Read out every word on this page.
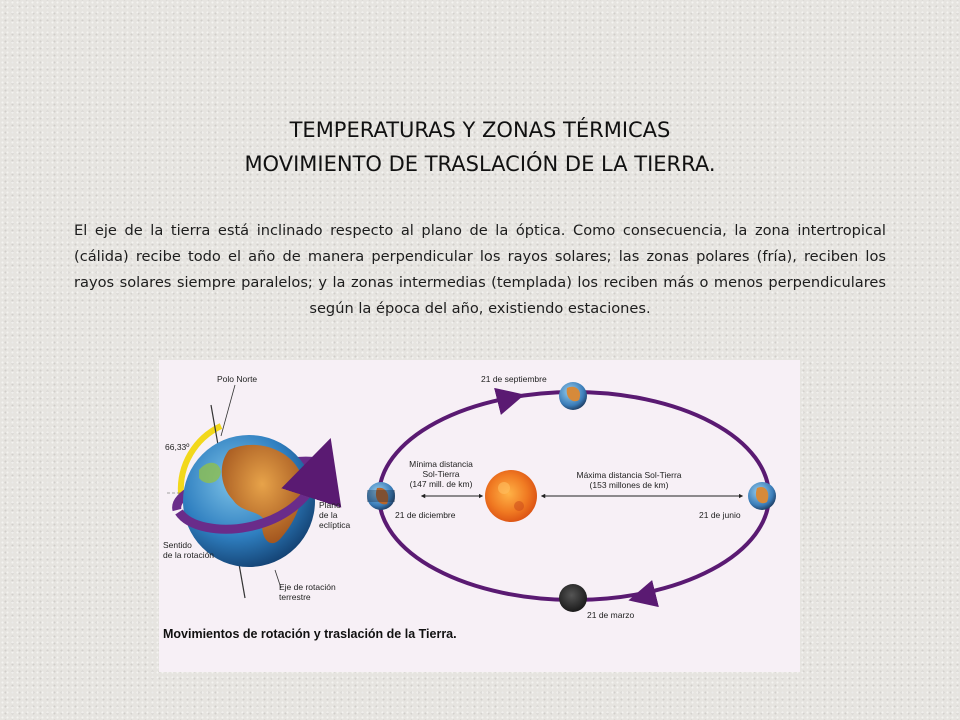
TEMPERATURAS Y ZONAS TÉRMICAS
MOVIMIENTO DE TRASLACIÓN DE LA TIERRA.
El eje de la tierra está inclinado respecto al plano de la óptica. Como consecuencia, la zona intertropical (cálida) recibe todo el año de manera perpendicular los rayos solares; las zonas polares (fría), reciben los rayos solares siempre paralelos; y la zonas intermedias (templada) los reciben más o menos perpendiculares según la época del año, existiendo estaciones.
Polo Norte
66,33º
Plano
de la
eclíptica
Sentido
de la rotación
Eje de rotación
terrestre
21 de septiembre
21 de diciembre	21 de junio
21 de marzo
Mínima distancia
Sol-Tierra
(147 mill. de km)
Máxima distancia Sol-Tierra
(153 millones de km)
Movimientos de rotación y traslación de la Tierra.
